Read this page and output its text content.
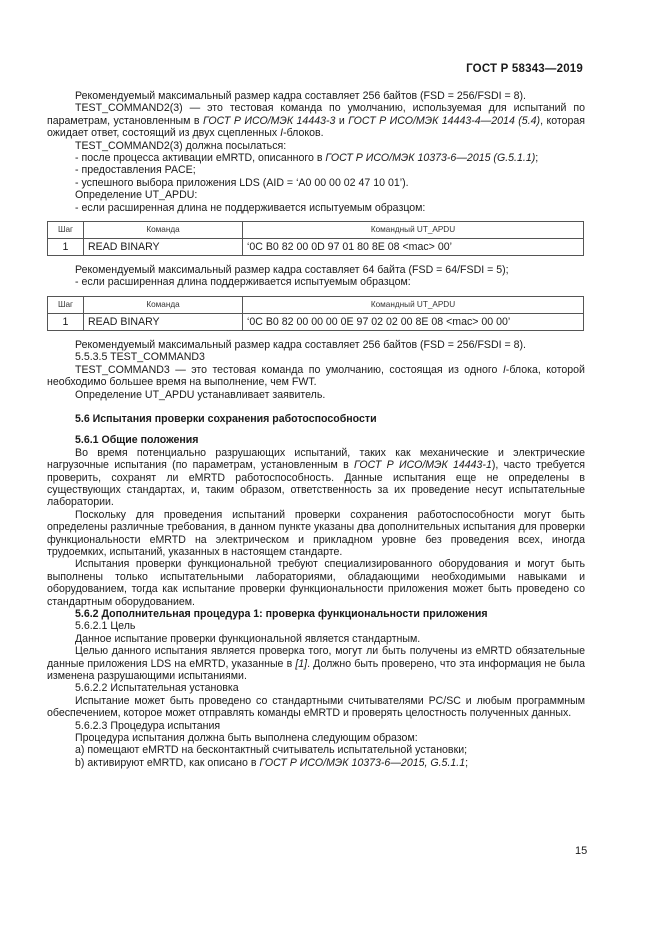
ГОСТ Р 58343—2019

Рекомендуемый максимальный размер кадра составляет 256 байтов (FSD = 256/FSDI = 8).

TEST_COMMAND2(3) — это тестовая команда по умолчанию, используемая для испытаний по параметрам, установленным в ГОСТ Р ИСО/МЭК 14443-3 и ГОСТ Р ИСО/МЭК 14443-4—2014 (5.4), которая ожидает ответ, состоящий из двух сцепленных I-блоков.

TEST_COMMAND2(3) должна посылаться:

- после процесса активации eMRTD, описанного в ГОСТ Р ИСО/МЭК 10373-6—2015 (G.5.1.1);

- предоставления PACE;

- успешного выбора приложения LDS (AID = ‘A0 00 00 02 47 10 01’).

Определение UT_APDU:

- если расширенная длина не поддерживается испытуемым образцом:

Шаг	Команда	Командный UT_APDU
1	READ BINARY	‘0C B0 82 00 0D 97 01 80 8E 08 <mac> 00’

Рекомендуемый максимальный размер кадра составляет 64 байта (FSD = 64/FSDI = 5);

- если расширенная длина поддерживается испытуемым образцом:

Шаг	Команда	Командный UT_APDU
1	READ BINARY	‘0C B0 82 00 00 00 0E 97 02 02 00 8E 08 <mac> 00 00’

Рекомендуемый максимальный размер кадра составляет 256 байтов (FSD = 256/FSDI = 8).

5.5.3.5 TEST_COMMAND3

TEST_COMMAND3 — это тестовая команда по умолчанию, состоящая из одного I-блока, которой необходимо большее время на выполнение, чем FWT.

Определение UT_APDU устанавливает заявитель.

5.6 Испытания проверки сохранения работоспособности

5.6.1 Общие положения

Во время потенциально разрушающих испытаний, таких как механические и электрические нагрузочные испытания (по параметрам, установленным в ГОСТ Р ИСО/МЭК 14443-1), часто требуется проверить, сохранят ли eMRTD работоспособность. Данные испытания еще не определены в существующих стандартах, и, таким образом, ответственность за их проведение несут испытательные лаборатории.

Поскольку для проведения испытаний проверки сохранения работоспособности могут быть определены различные требования, в данном пункте указаны два дополнительных испытания для проверки функциональности eMRTD на электрическом и прикладном уровне без проведения всех, иногда трудоемких, испытаний, указанных в настоящем стандарте.

Испытания проверки функциональной требуют специализированного оборудования и могут быть выполнены только испытательными лабораториями, обладающими необходимыми навыками и оборудованием, тогда как испытание проверки функциональности приложения может быть проведено со стандартным оборудованием.

5.6.2 Дополнительная процедура 1: проверка функциональности приложения

5.6.2.1 Цель

Данное испытание проверки функциональной является стандартным.

Целью данного испытания является проверка того, могут ли быть получены из eMRTD обязательные данные приложения LDS на eMRTD, указанные в [1]. Должно быть проверено, что эта информация не была изменена разрушающими испытаниями.

5.6.2.2 Испытательная установка

Испытание может быть проведено со стандартными считывателями PC/SC и любым программным обеспечением, которое может отправлять команды eMRTD и проверять целостность полученных данных.

5.6.2.3 Процедура испытания

Процедура испытания должна быть выполнена следующим образом:

a) помещают eMRTD на бесконтактный считыватель испытательной установки;

b) активируют eMRTD, как описано в ГОСТ Р ИСО/МЭК 10373-6—2015, G.5.1.1;

15
